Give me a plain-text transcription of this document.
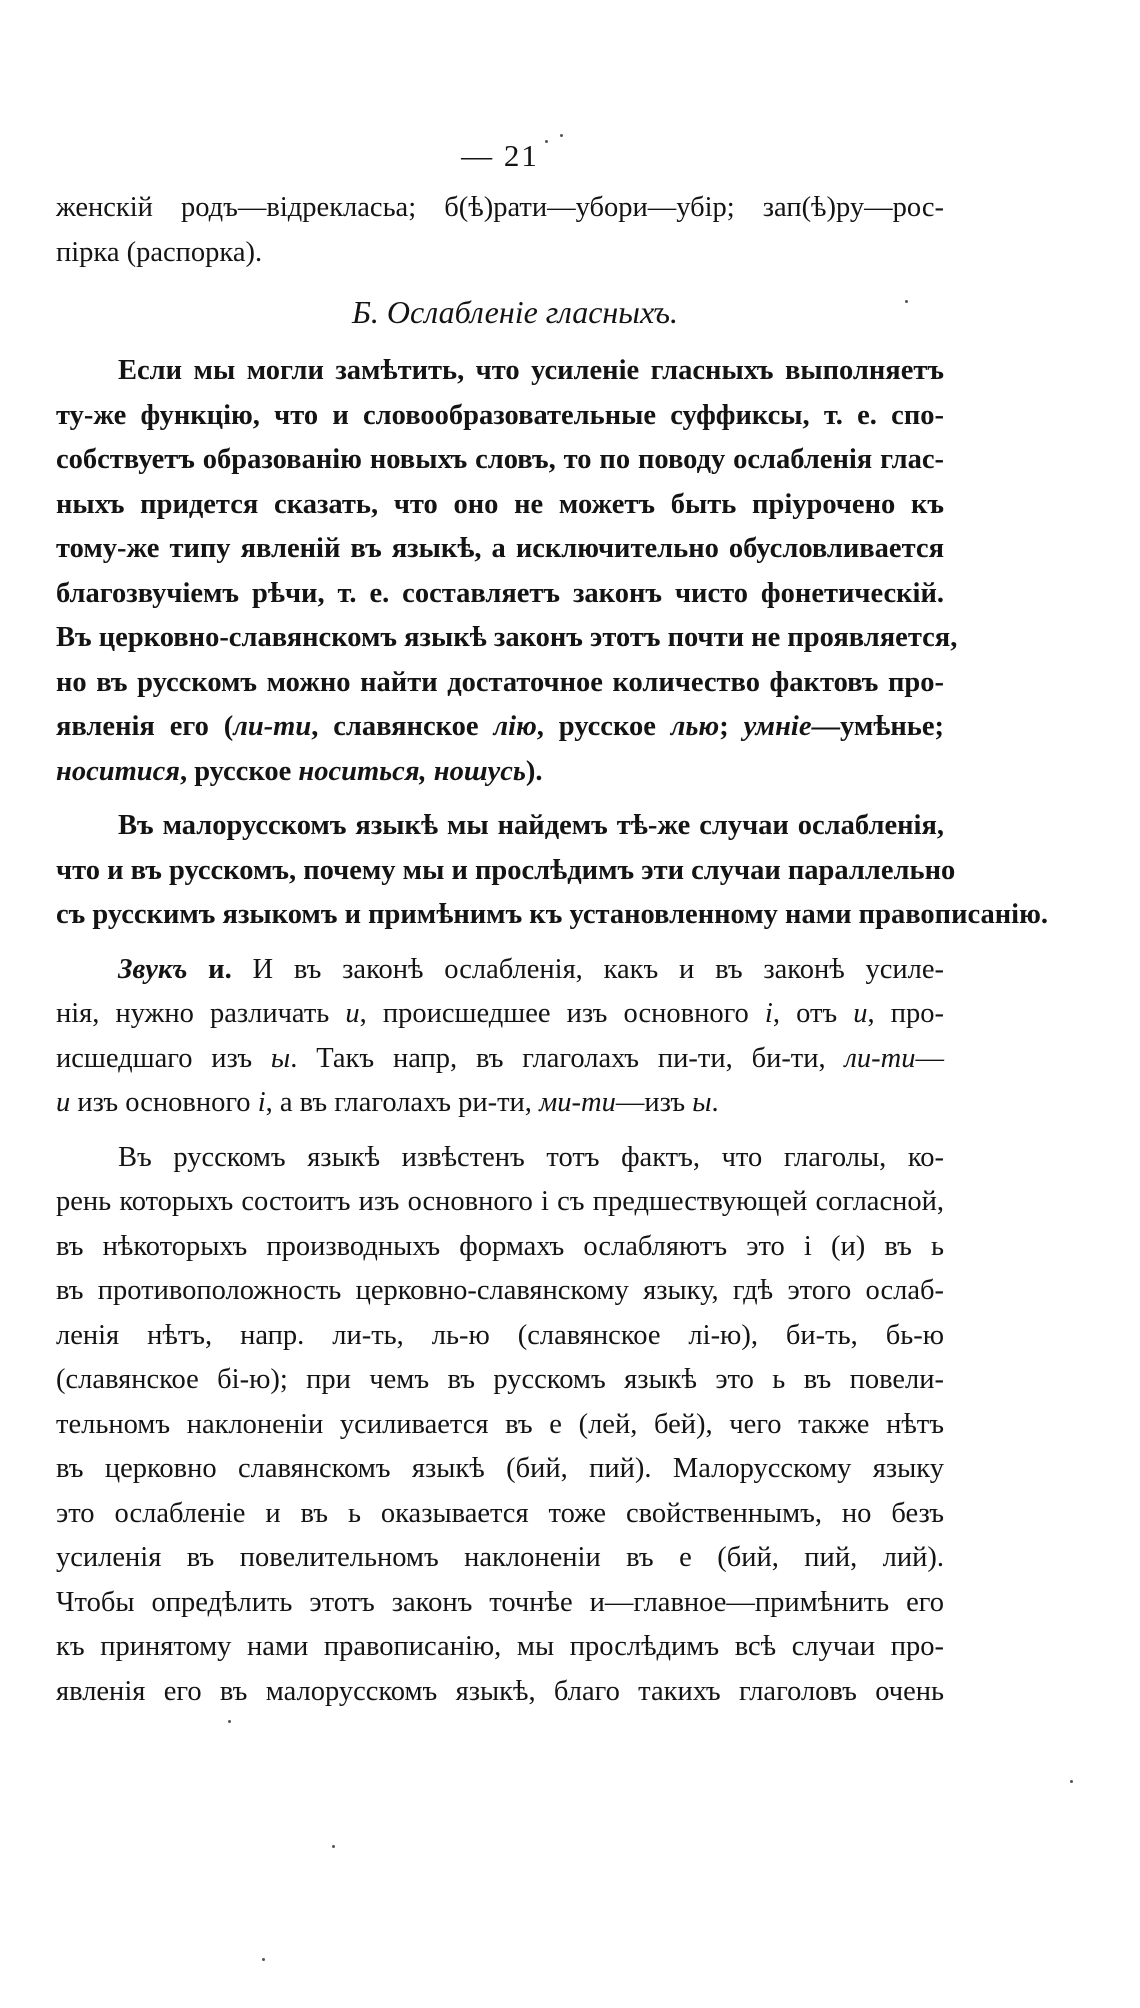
— 21
женскій родъ—відрекласьа; б(ѣ)рати—убори—убір; зап(ѣ)ру—рос-
пірка (распорка).
Б. Ослабленіе гласныхъ.
Если мы могли замѣтить, что усиленіе гласныхъ выполняетъ
ту-же функцію, что и словообразовательные суффиксы, т. е. спо-
собствуетъ образованію новыхъ словъ, то по поводу ослабленія глас-
ныхъ придется сказать, что оно не можетъ быть пріурочено къ
тому-же типу явленій въ языкѣ, а исключительно обусловливается
благозвучіемъ рѣчи, т. е. составляетъ законъ чисто фонетическій.
Въ церковно-славянскомъ языкѣ законъ этотъ почти не проявляется,
но въ русскомъ можно найти достаточное количество фактовъ про-
явленія его (ли-ти, славянское лію, русское лью; умніе—умѣнье;
носитися, русское носиться, ношусь).
Въ малорусскомъ языкѣ мы найдемъ тѣ-же случаи ослабленія,
что и въ русскомъ, почему мы и прослѣдимъ эти случаи параллельно
съ русскимъ языкомъ и примѣнимъ къ установленному нами правописанію.
Звукъ и. И въ законѣ ослабленія, какъ и въ законѣ усиле-
нія, нужно различать и, происшедшее изъ основного і, отъ и, про-
исшедшаго изъ ы. Такъ напр, въ глаголахъ пи-ти, би-ти, ли-ти—
и изъ основного і, а въ глаголахъ ри-ти, ми-ти—изъ ы.
Въ русскомъ языкѣ извѣстенъ тотъ фактъ, что глаголы, ко-
рень которыхъ состоитъ изъ основного і съ предшествующей согласной,
въ нѣкоторыхъ производныхъ формахъ ослабляютъ это і (и) въ ь
въ противоположность церковно-славянскому языку, гдѣ этого ослаб-
ленія нѣтъ, напр. ли-ть, ль-ю (славянское лі-ю), би-ть, бь-ю
(славянское бі-ю); при чемъ въ русскомъ языкѣ это ь въ повели-
тельномъ наклоненіи усиливается въ е (лей, бей), чего также нѣтъ
въ церковно славянскомъ языкѣ (бий, пий). Малорусскому языку
это ослабленіе и въ ь оказывается тоже свойственнымъ, но безъ
усиленія въ повелительномъ наклоненіи въ е (бий, пий, лий).
Чтобы опредѣлить этотъ законъ точнѣе и—главное—примѣнить его
къ принятому нами правописанію, мы прослѣдимъ всѣ случаи про-
явленія его въ малорусскомъ языкѣ, благо такихъ глаголовъ очень
